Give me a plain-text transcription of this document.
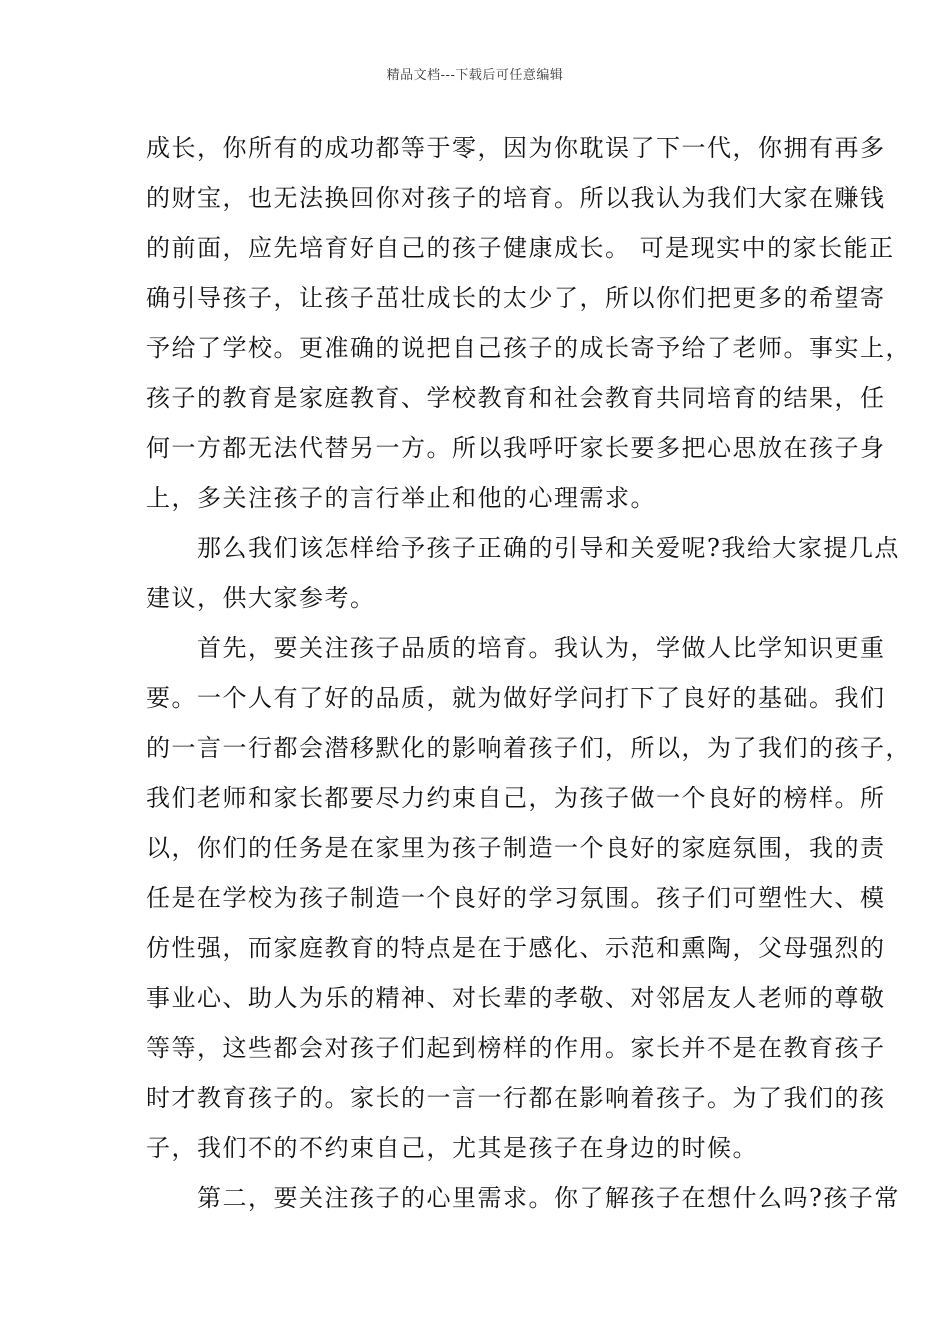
精品文档---下载后可任意编辑
成长，你所有的成功都等于零，因为你耽误了下一代，你拥有再多
的财宝，也无法换回你对孩子的培育。所以我认为我们大家在赚钱
的前面，应先培育好自己的孩子健康成长。 可是现实中的家长能正
确引导孩子，让孩子茁壮成长的太少了，所以你们把更多的希望寄
予给了学校。更准确的说把自己孩子的成长寄予给了老师。事实上，
孩子的教育是家庭教育、学校教育和社会教育共同培育的结果，任
何一方都无法代替另一方。所以我呼吁家长要多把心思放在孩子身
上，多关注孩子的言行举止和他的心理需求。
　　那么我们该怎样给予孩子正确的引导和关爱呢?我给大家提几点
建议，供大家参考。
　　首先，要关注孩子品质的培育。我认为，学做人比学知识更重
要。一个人有了好的品质，就为做好学问打下了良好的基础。我们
的一言一行都会潜移默化的影响着孩子们，所以，为了我们的孩子，
我们老师和家长都要尽力约束自己，为孩子做一个良好的榜样。所
以，你们的任务是在家里为孩子制造一个良好的家庭氛围，我的责
任是在学校为孩子制造一个良好的学习氛围。孩子们可塑性大、模
仿性强，而家庭教育的特点是在于感化、示范和熏陶，父母强烈的
事业心、助人为乐的精神、对长辈的孝敬、对邻居友人老师的尊敬
等等，这些都会对孩子们起到榜样的作用。家长并不是在教育孩子
时才教育孩子的。家长的一言一行都在影响着孩子。为了我们的孩
子，我们不的不约束自己，尤其是孩子在身边的时候。
　　第二，要关注孩子的心里需求。你了解孩子在想什么吗?孩子常
